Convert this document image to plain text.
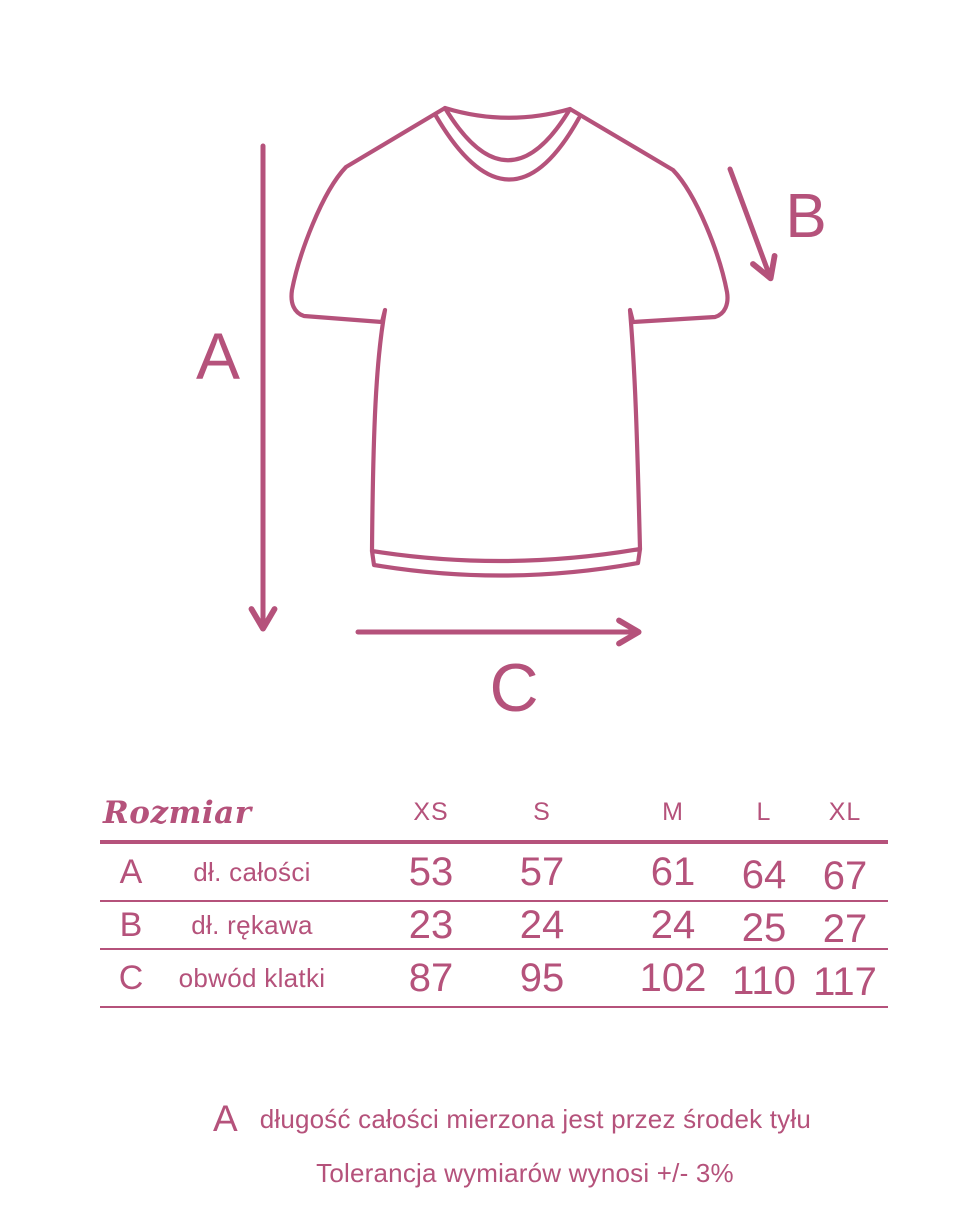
A
B
C
Rozmiar	XS	S	M	L	XL
A	dł. całości	53	57	61	64 67
B	dł. rękawa	23	24	24	25 27
C	obwód klatki	87	95	102 110 117
A długość całości mierzona jest przez środek tyłu
Tolerancja wymiarów wynosi +/- 3%
